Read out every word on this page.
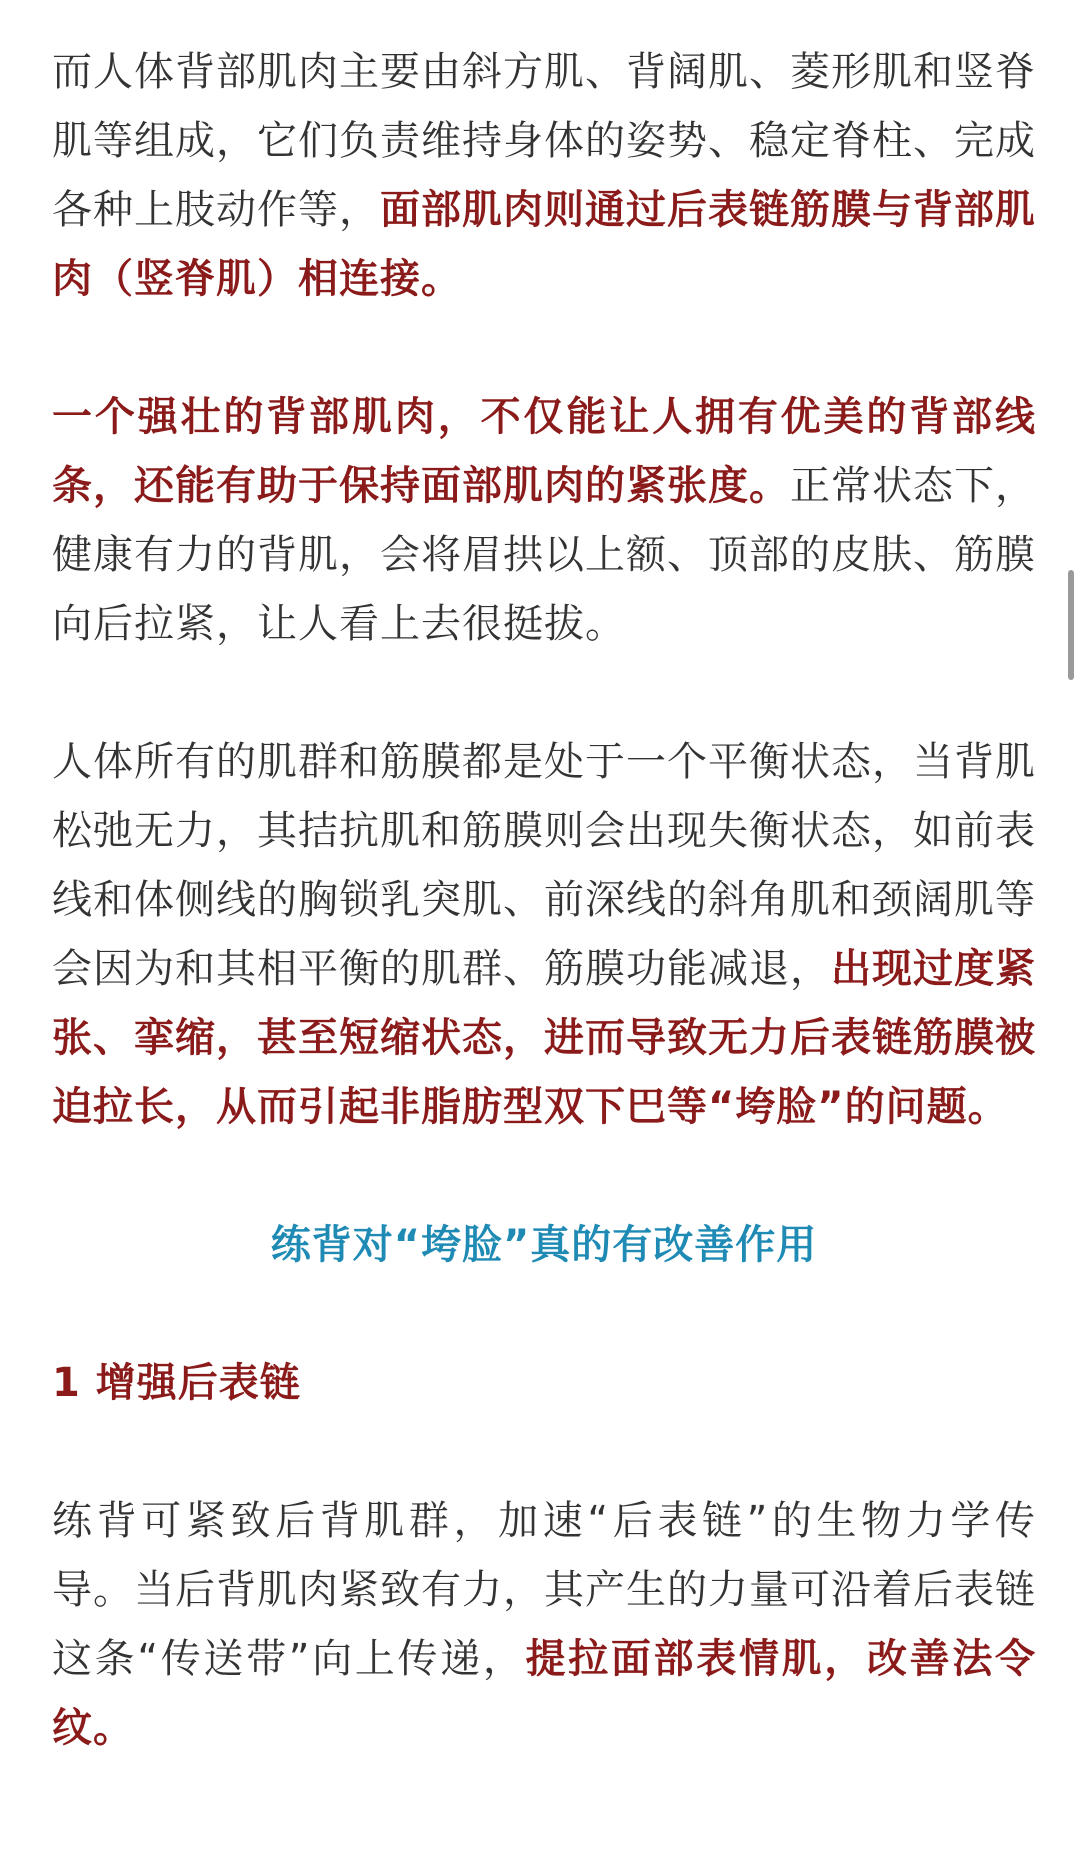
而人体背部肌肉主要由斜方肌、背阔肌、菱形肌和竖脊肌等组成，它们负责维持身体的姿势、稳定脊柱、完成各种上肢动作等，面部肌肉则通过后表链筋膜与背部肌肉（竖脊肌）相连接。

一个强壮的背部肌肉，不仅能让人拥有优美的背部线条，还能有助于保持面部肌肉的紧张度。正常状态下，健康有力的背肌，会将眉拱以上额、顶部的皮肤、筋膜向后拉紧，让人看上去很挺拔。

人体所有的肌群和筋膜都是处于一个平衡状态，当背肌松弛无力，其拮抗肌和筋膜则会出现失衡状态，如前表线和体侧线的胸锁乳突肌、前深线的斜角肌和颈阔肌等会因为和其相平衡的肌群、筋膜功能减退，出现过度紧张、挛缩，甚至短缩状态，进而导致无力后表链筋膜被迫拉长，从而引起非脂肪型双下巴等“垮脸”的问题。

练背对“垮脸”真的有改善作用
1 增强后表链

练背可紧致后背肌群，加速“后表链”的生物力学传导。当后背肌肉紧致有力，其产生的力量可沿着后表链这条“传送带”向上传递，提拉面部表情肌，改善法令纹。
